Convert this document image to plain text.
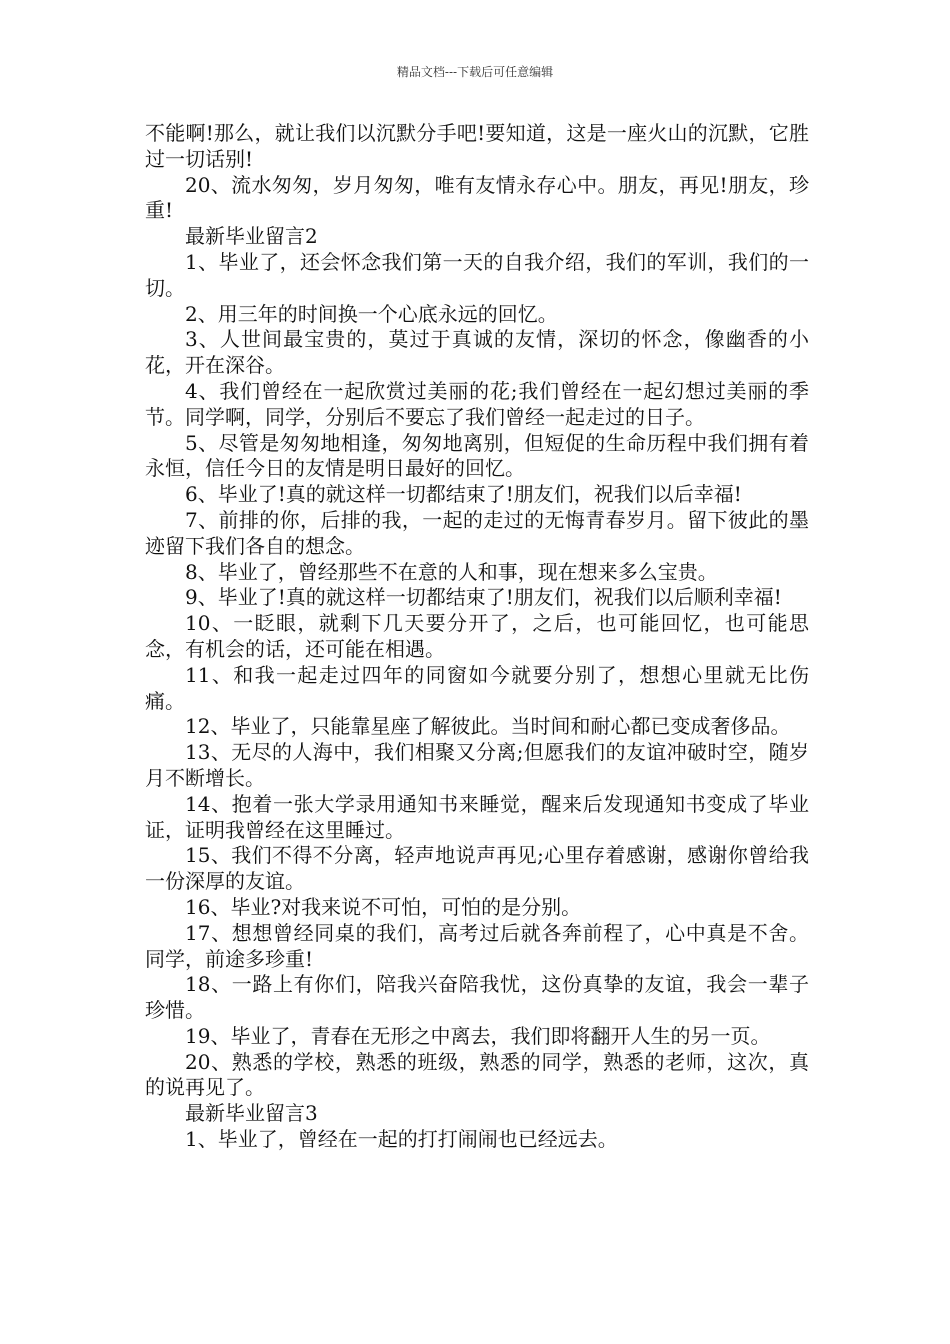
精品文档---下载后可任意编辑

不能啊!那么，就让我们以沉默分手吧!要知道，这是一座火山的沉默，它胜过一切话别!

20、流水匆匆，岁月匆匆，唯有友情永存心中。朋友，再见!朋友，珍重!

最新毕业留言2

1、毕业了，还会怀念我们第一天的自我介绍，我们的军训，我们的一切。

2、用三年的时间换一个心底永远的回忆。

3、人世间最宝贵的，莫过于真诚的友情，深切的怀念，像幽香的小花，开在深谷。

4、我们曾经在一起欣赏过美丽的花;我们曾经在一起幻想过美丽的季节。同学啊，同学，分别后不要忘了我们曾经一起走过的日子。

5、尽管是匆匆地相逢，匆匆地离别，但短促的生命历程中我们拥有着永恒，信任今日的友情是明日最好的回忆。

6、毕业了!真的就这样一切都结束了!朋友们，祝我们以后幸福!

7、前排的你，后排的我，一起的走过的无悔青春岁月。留下彼此的墨迹留下我们各自的想念。

8、毕业了，曾经那些不在意的人和事，现在想来多么宝贵。

9、毕业了!真的就这样一切都结束了!朋友们，祝我们以后顺利幸福!

10、一眨眼，就剩下几天要分开了，之后，也可能回忆，也可能思念，有机会的话，还可能在相遇。

11、和我一起走过四年的同窗如今就要分别了，想想心里就无比伤痛。

12、毕业了，只能靠星座了解彼此。当时间和耐心都已变成奢侈品。

13、无尽的人海中，我们相聚又分离;但愿我们的友谊冲破时空，随岁月不断增长。

14、抱着一张大学录用通知书来睡觉，醒来后发现通知书变成了毕业证，证明我曾经在这里睡过。

15、我们不得不分离，轻声地说声再见;心里存着感谢，感谢你曾给我一份深厚的友谊。

16、毕业?对我来说不可怕，可怕的是分别。

17、想想曾经同桌的我们，高考过后就各奔前程了，心中真是不舍。同学，前途多珍重!

18、一路上有你们，陪我兴奋陪我忧，这份真挚的友谊，我会一辈子珍惜。

19、毕业了，青春在无形之中离去，我们即将翻开人生的另一页。

20、熟悉的学校，熟悉的班级，熟悉的同学，熟悉的老师，这次，真的说再见了。

最新毕业留言3

1、毕业了，曾经在一起的打打闹闹也已经远去。
